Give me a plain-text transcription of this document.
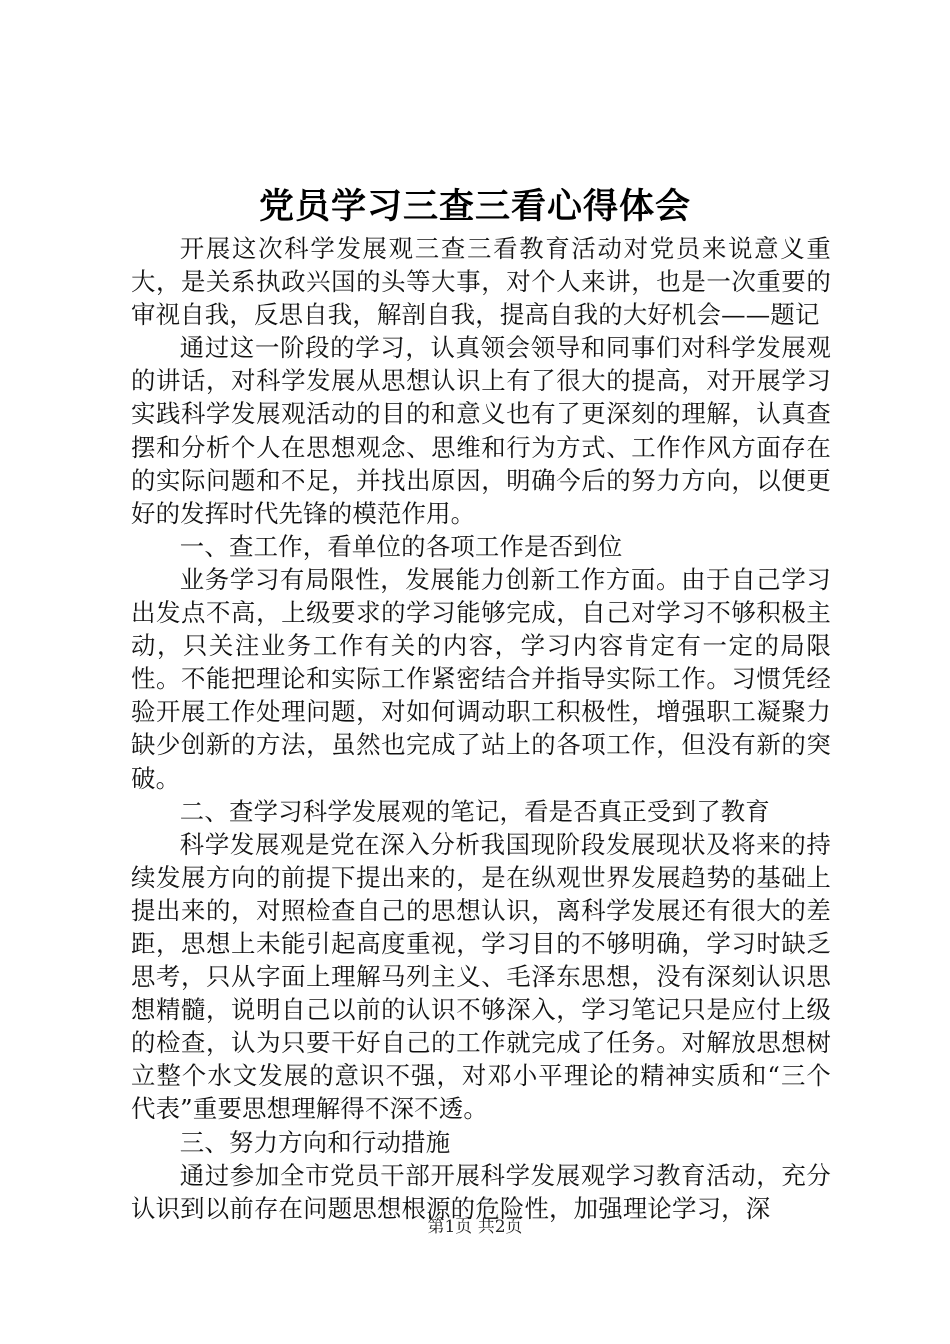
党员学习三查三看心得体会

开展这次科学发展观三查三看教育活动对党员来说意义重大，是关系执政兴国的头等大事，对个人来讲，也是一次重要的审视自我，反思自我，解剖自我，提高自我的大好机会——题记

通过这一阶段的学习，认真领会领导和同事们对科学发展观的讲话，对科学发展从思想认识上有了很大的提高，对开展学习实践科学发展观活动的目的和意义也有了更深刻的理解，认真查摆和分析个人在思想观念、思维和行为方式、工作作风方面存在的实际问题和不足，并找出原因，明确今后的努力方向，以便更好的发挥时代先锋的模范作用。

一、查工作，看单位的各项工作是否到位

业务学习有局限性，发展能力创新工作方面。由于自己学习出发点不高，上级要求的学习能够完成，自己对学习不够积极主动，只关注业务工作有关的内容，学习内容肯定有一定的局限性。不能把理论和实际工作紧密结合并指导实际工作。习惯凭经验开展工作处理问题，对如何调动职工积极性，增强职工凝聚力缺少创新的方法，虽然也完成了站上的各项工作，但没有新的突破。

二、查学习科学发展观的笔记，看是否真正受到了教育

科学发展观是党在深入分析我国现阶段发展现状及将来的持续发展方向的前提下提出来的，是在纵观世界发展趋势的基础上提出来的，对照检查自己的思想认识，离科学发展还有很大的差距，思想上未能引起高度重视，学习目的不够明确，学习时缺乏思考，只从字面上理解马列主义、毛泽东思想，没有深刻认识思想精髓，说明自己以前的认识不够深入，学习笔记只是应付上级的检查，认为只要干好自己的工作就完成了任务。对解放思想树立整个水文发展的意识不强，对邓小平理论的精神实质和“三个代表”重要思想理解得不深不透。

三、努力方向和行动措施

通过参加全市党员干部开展科学发展观学习教育活动，充分认识到以前存在问题思想根源的危险性，加强理论学习，深

第1页 共2页
